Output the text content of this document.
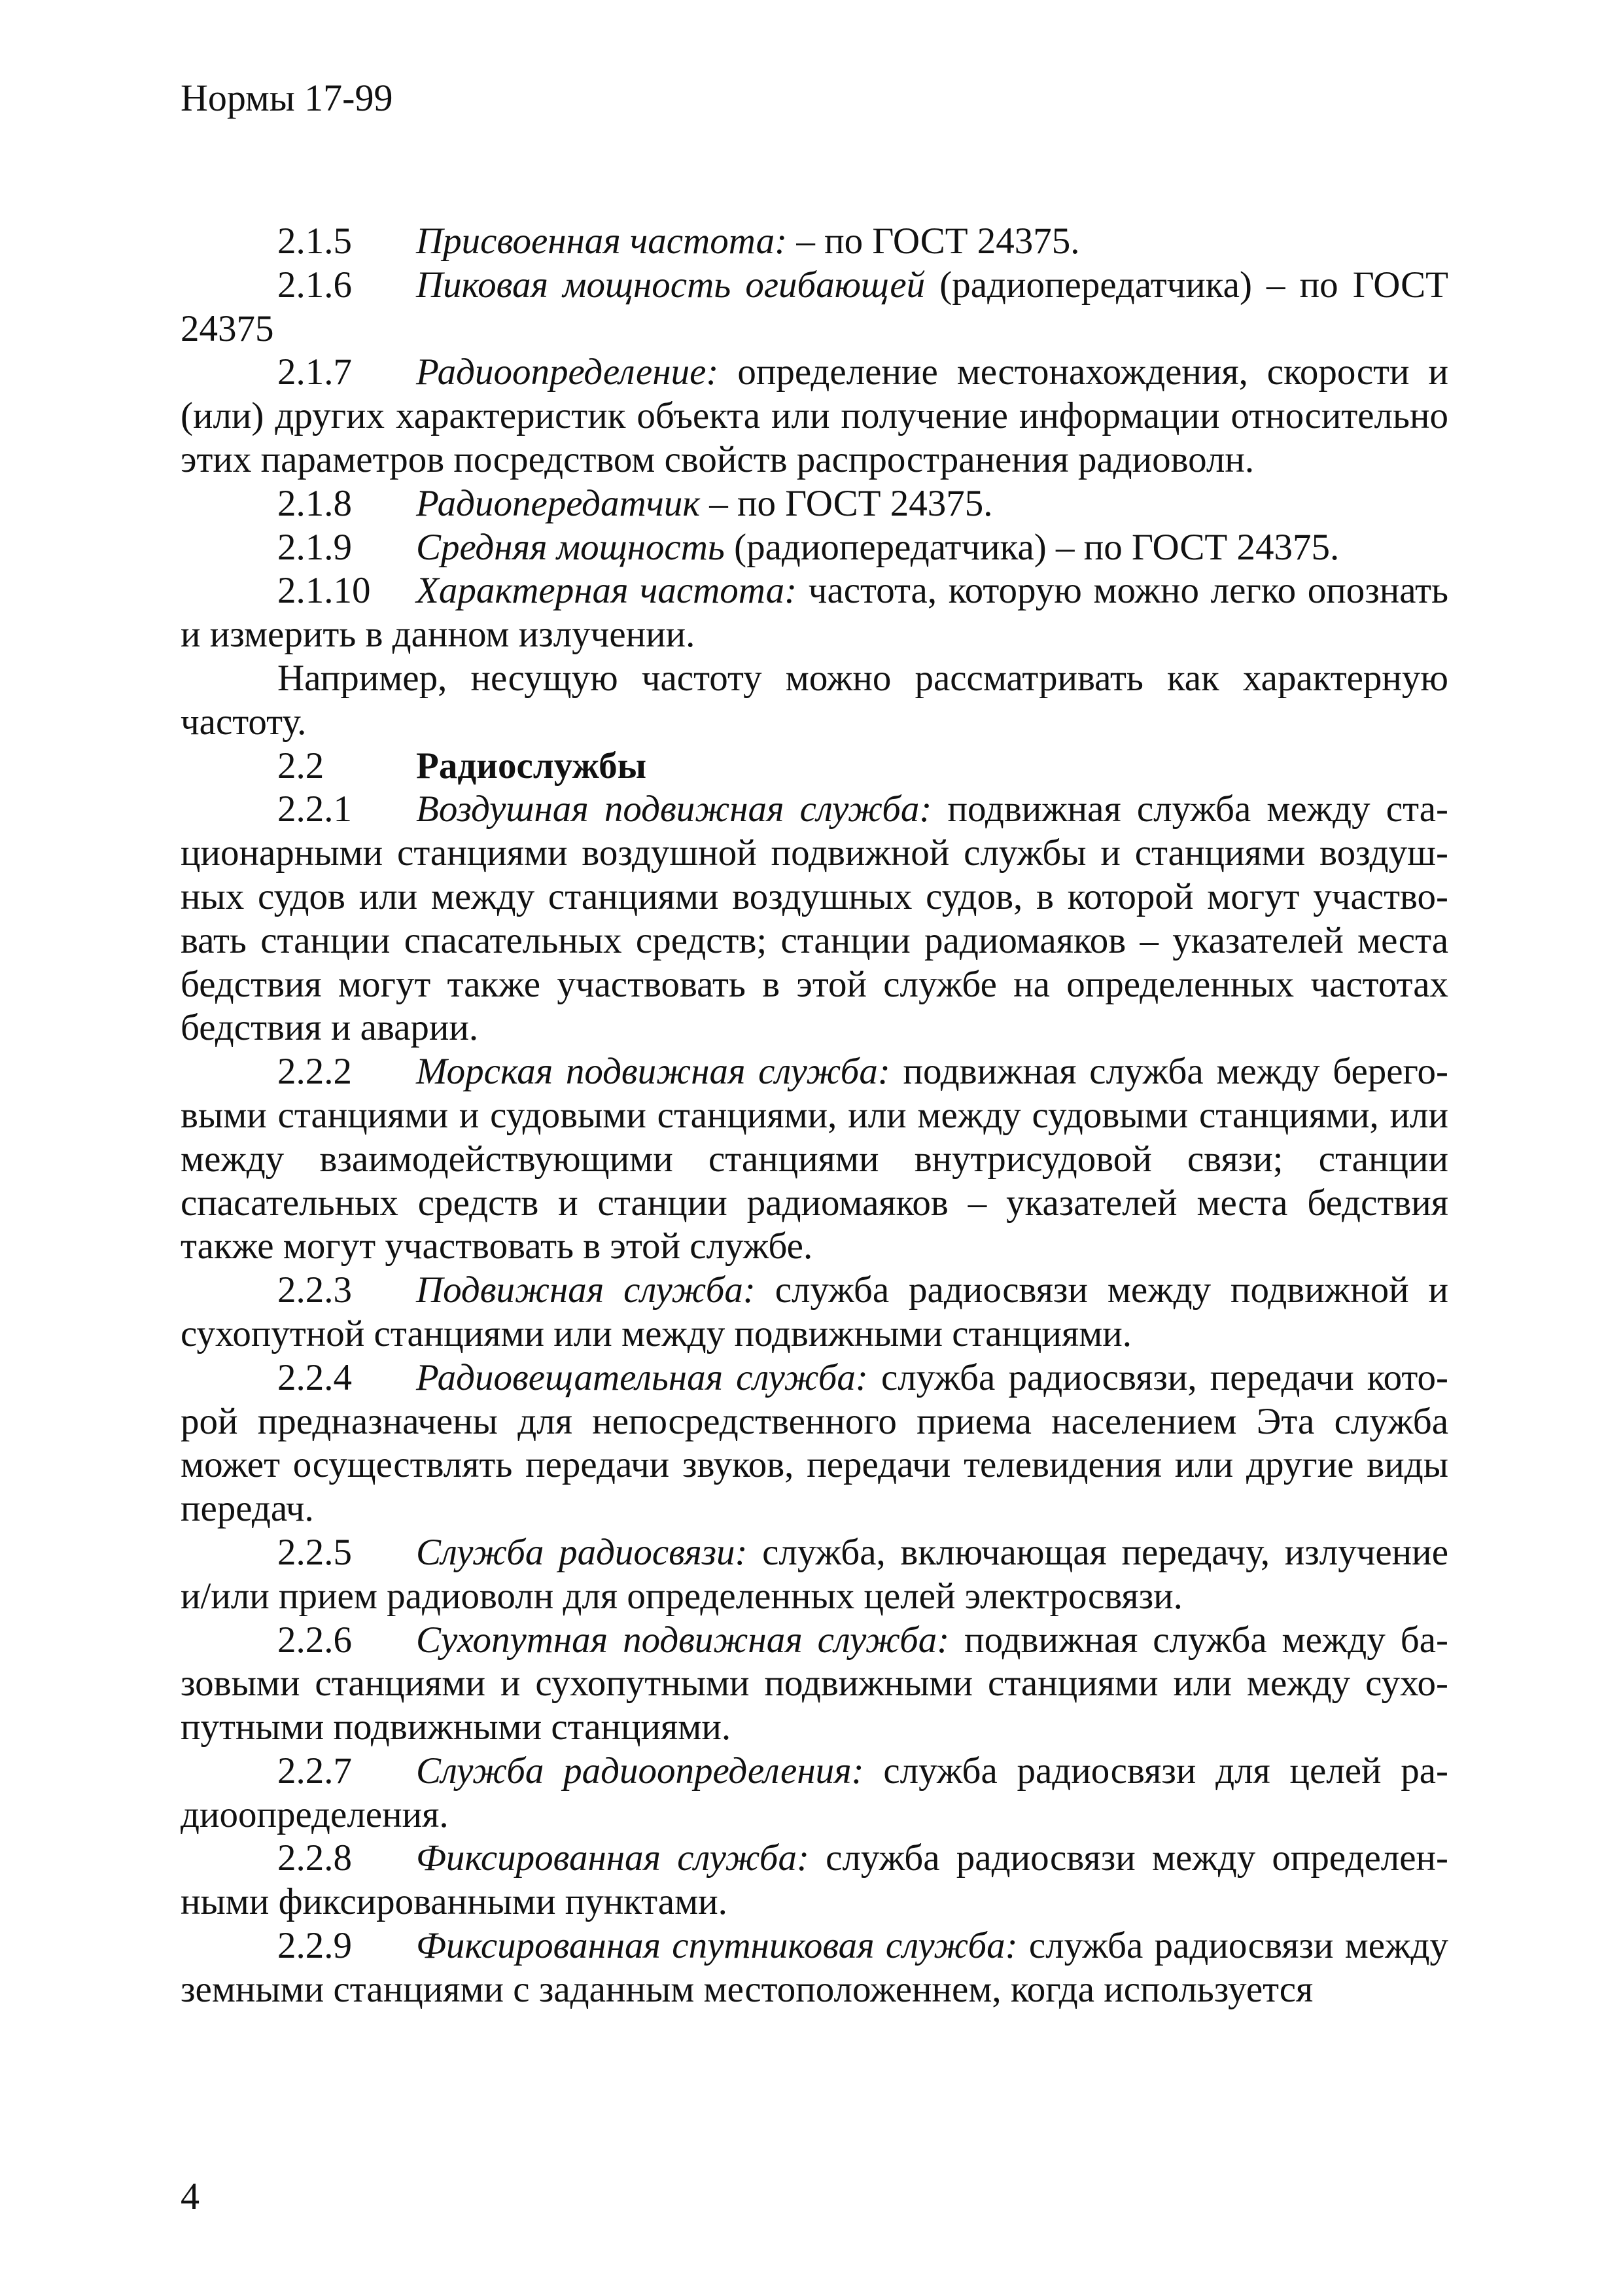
Нормы 17-99

2.1.5 Присвоенная частота: – по ГОСТ 24375.

2.1.6 Пиковая мощность огибающей (радиопередатчика) – по ГОСТ 24375

2.1.7 Радиоопределение: определение местонахождения, скорости и (или) других характеристик объекта или получение информации относительно этих параметров посредством свойств распространения радиоволн.

2.1.8 Радиопередатчик – по ГОСТ 24375.

2.1.9 Средняя мощность (радиопередатчика) – по ГОСТ 24375.

2.1.10 Характерная частота: частота, которую можно легко опознать и измерить в данном излучении.

Например, несущую частоту можно рассматривать как характерную частоту.

2.2 Радиослужбы

2.2.1 Воздушная подвижная служба: подвижная служба между стационарными станциями воздушной подвижной службы и станциями воздушных судов или между станциями воздушных судов, в которой могут участвовать станции спасательных средств; станции радиомаяков – указателей места бедствия могут также участвовать в этой службе на определенных частотах бедствия и аварии.

2.2.2 Морская подвижная служба: подвижная служба между береговыми станциями и судовыми станциями, или между судовыми станциями, или между взаимодействующими станциями внутрисудовой связи; станции спасательных средств и станции радиомаяков – указателей места бедствия также могут участвовать в этой службе.

2.2.3 Подвижная служба: служба радиосвязи между подвижной и сухопутной станциями или между подвижными станциями.

2.2.4 Радиовещательная служба: служба радиосвязи, передачи которой предназначены для непосредственного приема населением Эта служба может осуществлять передачи звуков, передачи телевидения или другие виды передач.

2.2.5 Служба радиосвязи: служба, включающая передачу, излучение и/или прием радиоволн для определенных целей электросвязи.

2.2.6 Сухопутная подвижная служба: подвижная служба между базовыми станциями и сухопутными подвижными станциями или между сухопутными подвижными станциями.

2.2.7 Служба радиоопределения: служба радиосвязи для целей радиоопределения.

2.2.8 Фиксированная служба: служба радиосвязи между определенными фиксированными пунктами.

2.2.9 Фиксированная спутниковая служба: служба радиосвязи между земными станциями с заданным местоположеннем, когда используется

4
